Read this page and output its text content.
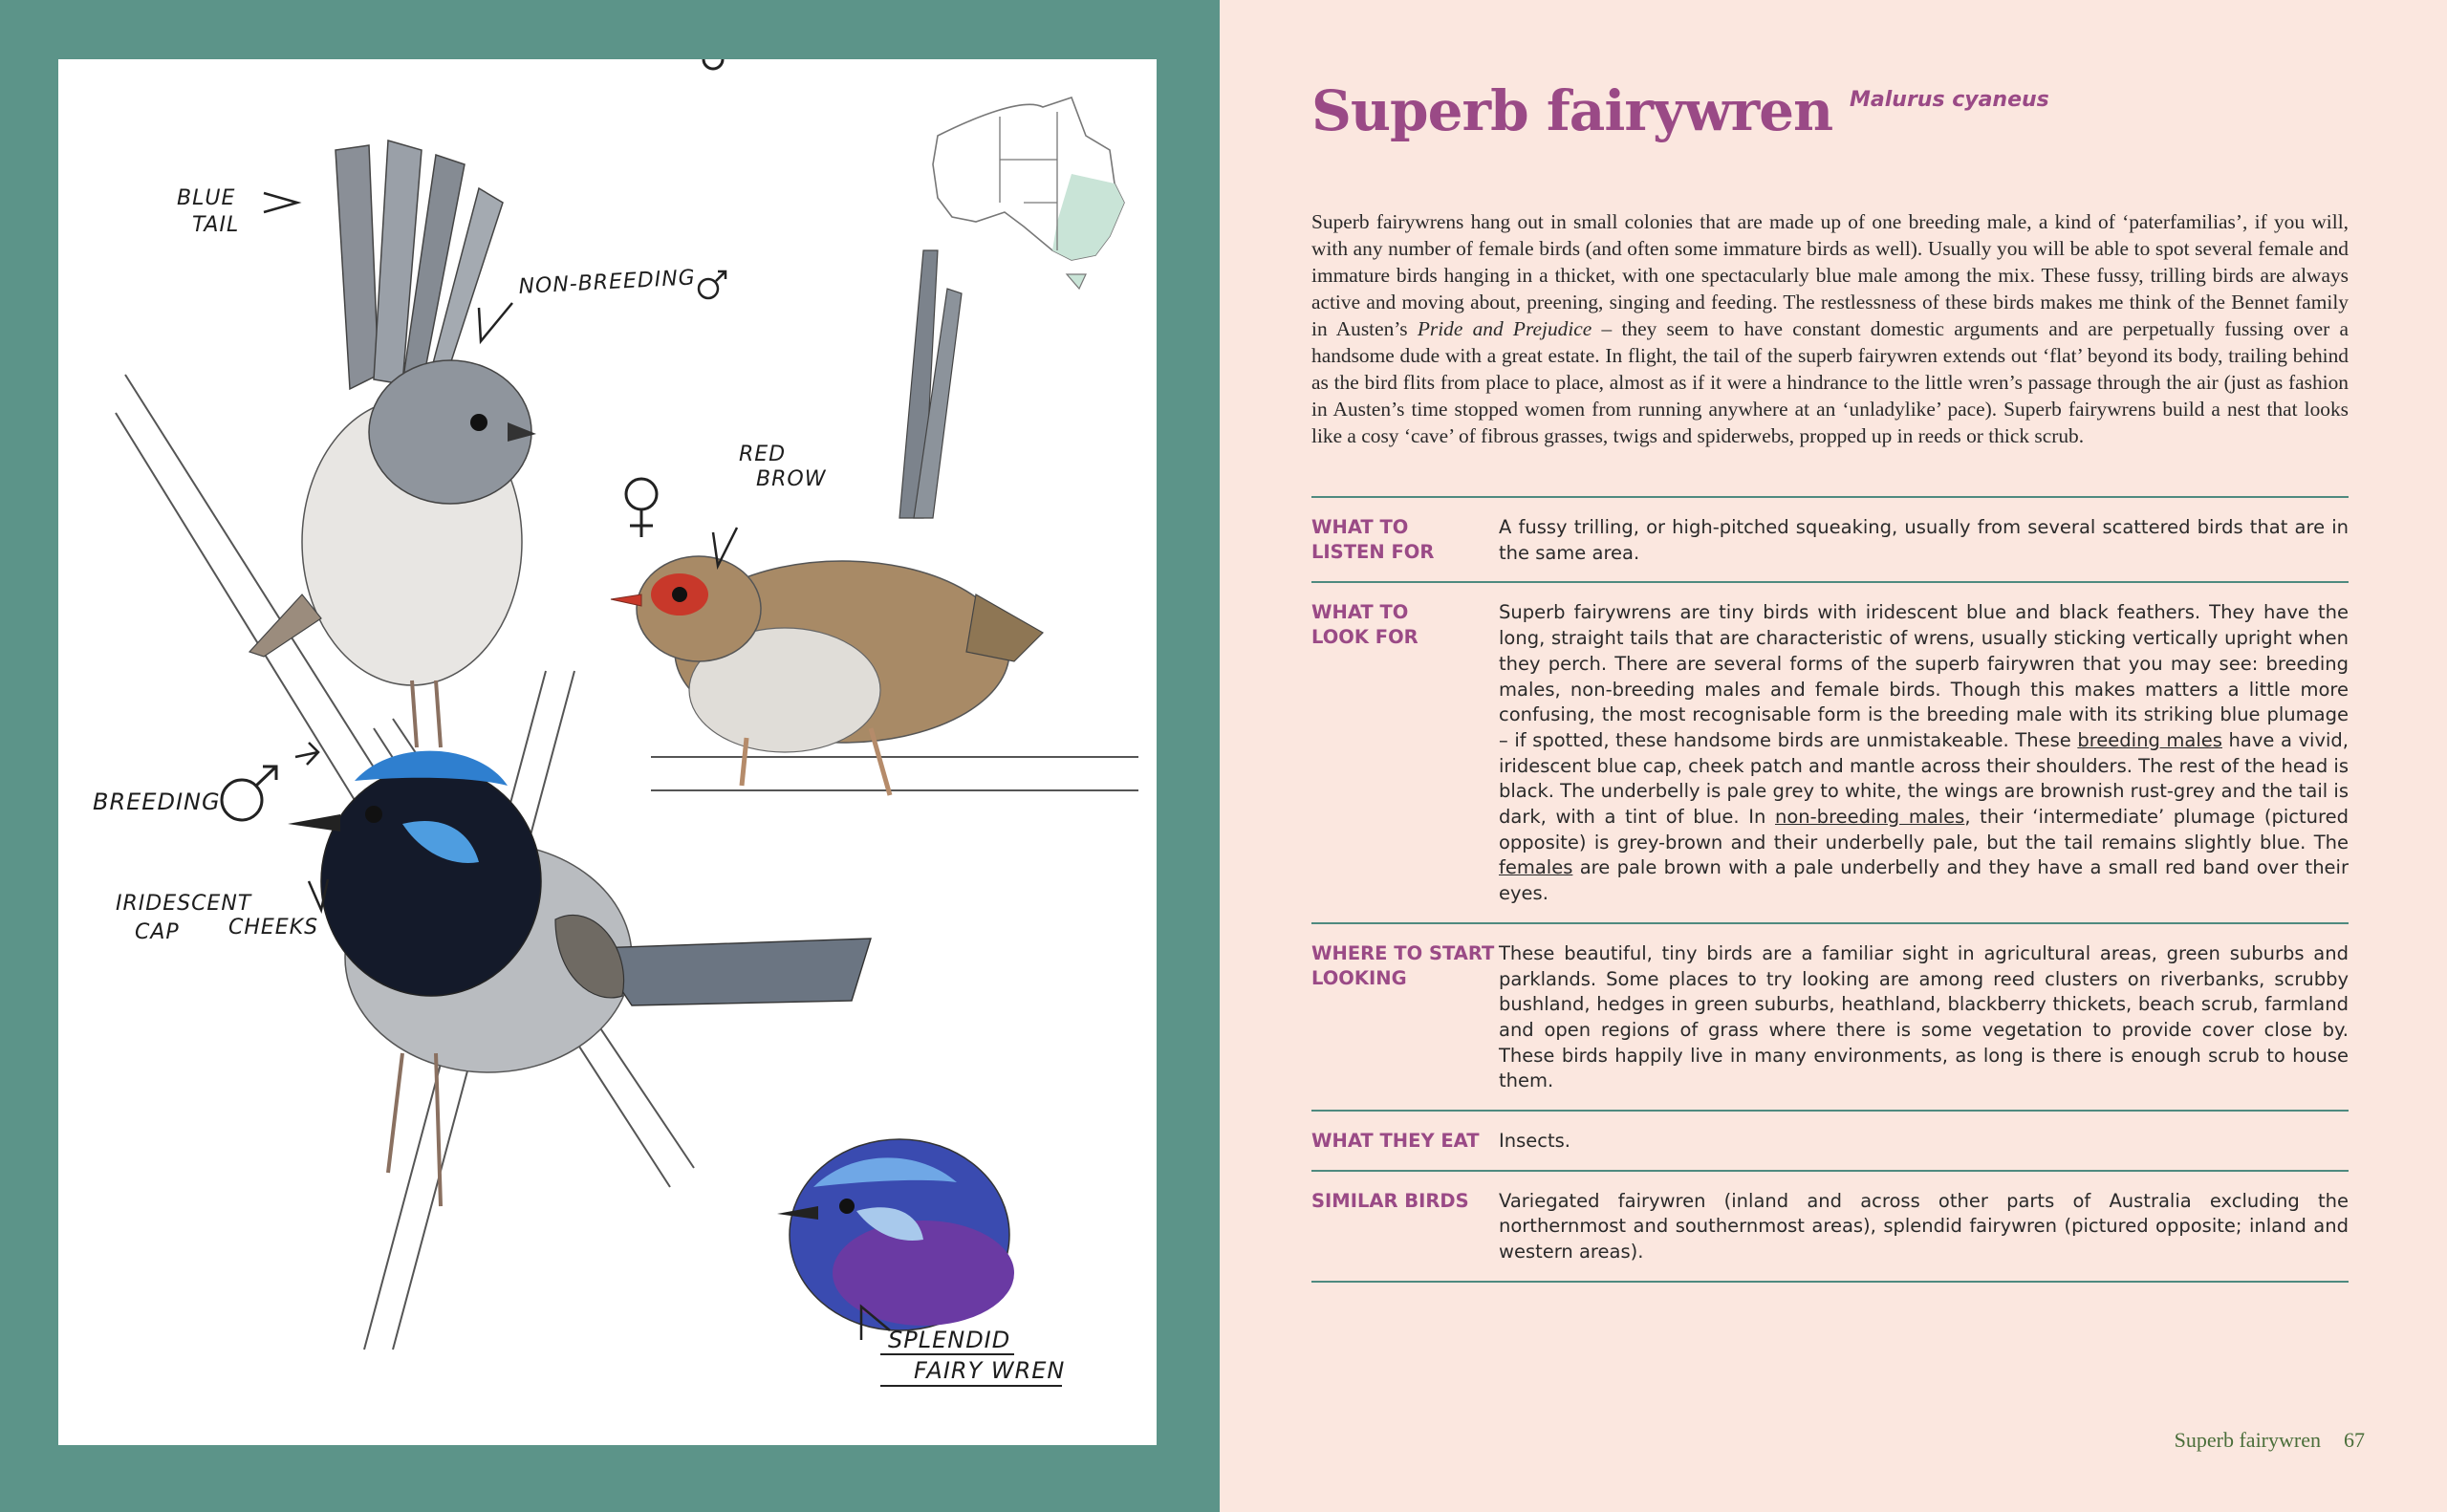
BLUE
TAIL
NON-BREEDING
RED
BROW
BREEDING
IRIDESCENT
CAP CHEEKS
SPLENDID
FAIRY WREN
Superb fairywren Malurus cyaneus

Superb fairywrens hang out in small colonies that are made up of one breeding male, a kind of ‘paterfamilias’, if you will, with any number of female birds (and often some immature birds as well). Usually you will be able to spot several female and immature birds hanging in a thicket, with one spectacularly blue male among the mix. These fussy, trilling birds are always active and moving about, preening, singing and feeding. The restlessness of these birds makes me think of the Bennet family in Austen’s Pride and Prejudice – they seem to have constant domestic arguments and are perpetually fussing over a handsome dude with a great estate. In flight, the tail of the superb fairywren extends out ‘flat’ beyond its body, trailing behind as the bird flits from place to place, almost as if it were a hindrance to the little wren’s passage through the air (just as fashion in Austen’s time stopped women from running anywhere at an ‘unladylike’ pace). Superb fairywrens build a nest that looks like a cosy ‘cave’ of fibrous grasses, twigs and spiderwebs, propped up in reeds or thick scrub.

WHAT TO
LISTEN FOR
A fussy trilling, or high-pitched squeaking, usually from several scattered birds that are in the same area.
WHAT TO
LOOK FOR
Superb fairywrens are tiny birds with iridescent blue and black feathers. They have the long, straight tails that are characteristic of wrens, usually sticking vertically upright when they perch. There are several forms of the superb fairywren that you may see: breeding males, non-breeding males and female birds. Though this makes matters a little more confusing, the most recognisable form is the breeding male with its striking blue plumage – if spotted, these handsome birds are unmistakeable. These breeding males have a vivid, iridescent blue cap, cheek patch and mantle across their shoulders. The rest of the head is black. The underbelly is pale grey to white, the wings are brownish rust-grey and the tail is dark, with a tint of blue. In non-breeding males, their ‘intermediate’ plumage (pictured opposite) is grey-brown and their underbelly pale, but the tail remains slightly blue. The females are pale brown with a pale underbelly and they have a small red band over their eyes.
WHERE TO START
LOOKING
These beautiful, tiny birds are a familiar sight in agricultural areas, green suburbs and parklands. Some places to try looking are among reed clusters on riverbanks, scrubby bushland, hedges in green suburbs, heathland, blackberry thickets, beach scrub, farmland and open regions of grass where there is some vegetation to provide cover close by. These birds happily live in many environments, as long is there is enough scrub to house them.
WHAT THEY EAT	Insects.
SIMILAR BIRDS	Variegated fairywren (inland and across other parts of Australia excluding the northernmost and southernmost areas), splendid fairywren (pictured opposite; inland and western areas).
Superb fairywren 67
